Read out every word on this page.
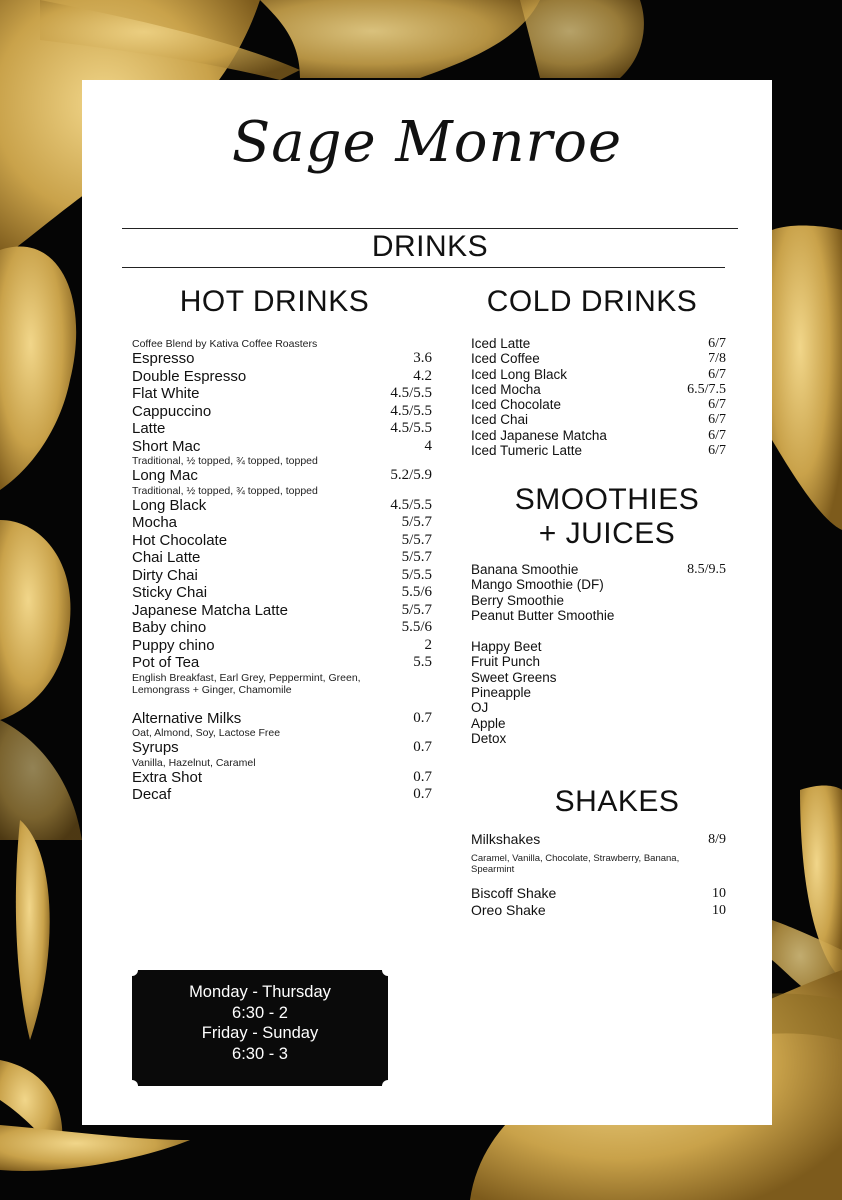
Sage Monroe
DRINKS
HOT DRINKS
Coffee Blend by Kativa Coffee Roasters
Espresso	3.6
Double Espresso	4.2
Flat White	4.5/5.5
Cappuccino	4.5/5.5
Latte	4.5/5.5
Short Mac	4
Traditional, ½ topped, ¾ topped, topped
Long Mac	5.2/5.9
Traditional, ½ topped, ¾ topped, topped
Long Black	4.5/5.5
Mocha	5/5.7
Hot Chocolate	5/5.7
Chai Latte	5/5.7
Dirty Chai	5/5.5
Sticky Chai	5.5/6
Japanese Matcha Latte	5/5.7
Baby chino	5.5/6
Puppy chino	2
Pot of Tea	5.5
English Breakfast, Earl Grey, Peppermint, Green, Lemongrass + Ginger, Chamomile
Alternative Milks	0.7
Oat, Almond, Soy, Lactose Free
Syrups	0.7
Vanilla, Hazelnut, Caramel
Extra Shot	0.7
Decaf	0.7
COLD DRINKS
Iced Latte	6/7
Iced Coffee	7/8
Iced Long Black	6/7
Iced Mocha	6.5/7.5
Iced Chocolate	6/7
Iced Chai	6/7
Iced Japanese Matcha	6/7
Iced Tumeric Latte	6/7
SMOOTHIES
+ JUICES
Banana Smoothie	8.5/9.5
Mango Smoothie (DF)
Berry Smoothie
Peanut Butter Smoothie
Happy Beet
Fruit Punch
Sweet Greens
Pineapple
OJ
Apple
Detox
SHAKES
Milkshakes	8/9
Caramel, Vanilla, Chocolate, Strawberry, Banana, Spearmint
Biscoff Shake	10
Oreo Shake	10
Monday - Thursday
6:30 - 2
Friday - Sunday
6:30 - 3
